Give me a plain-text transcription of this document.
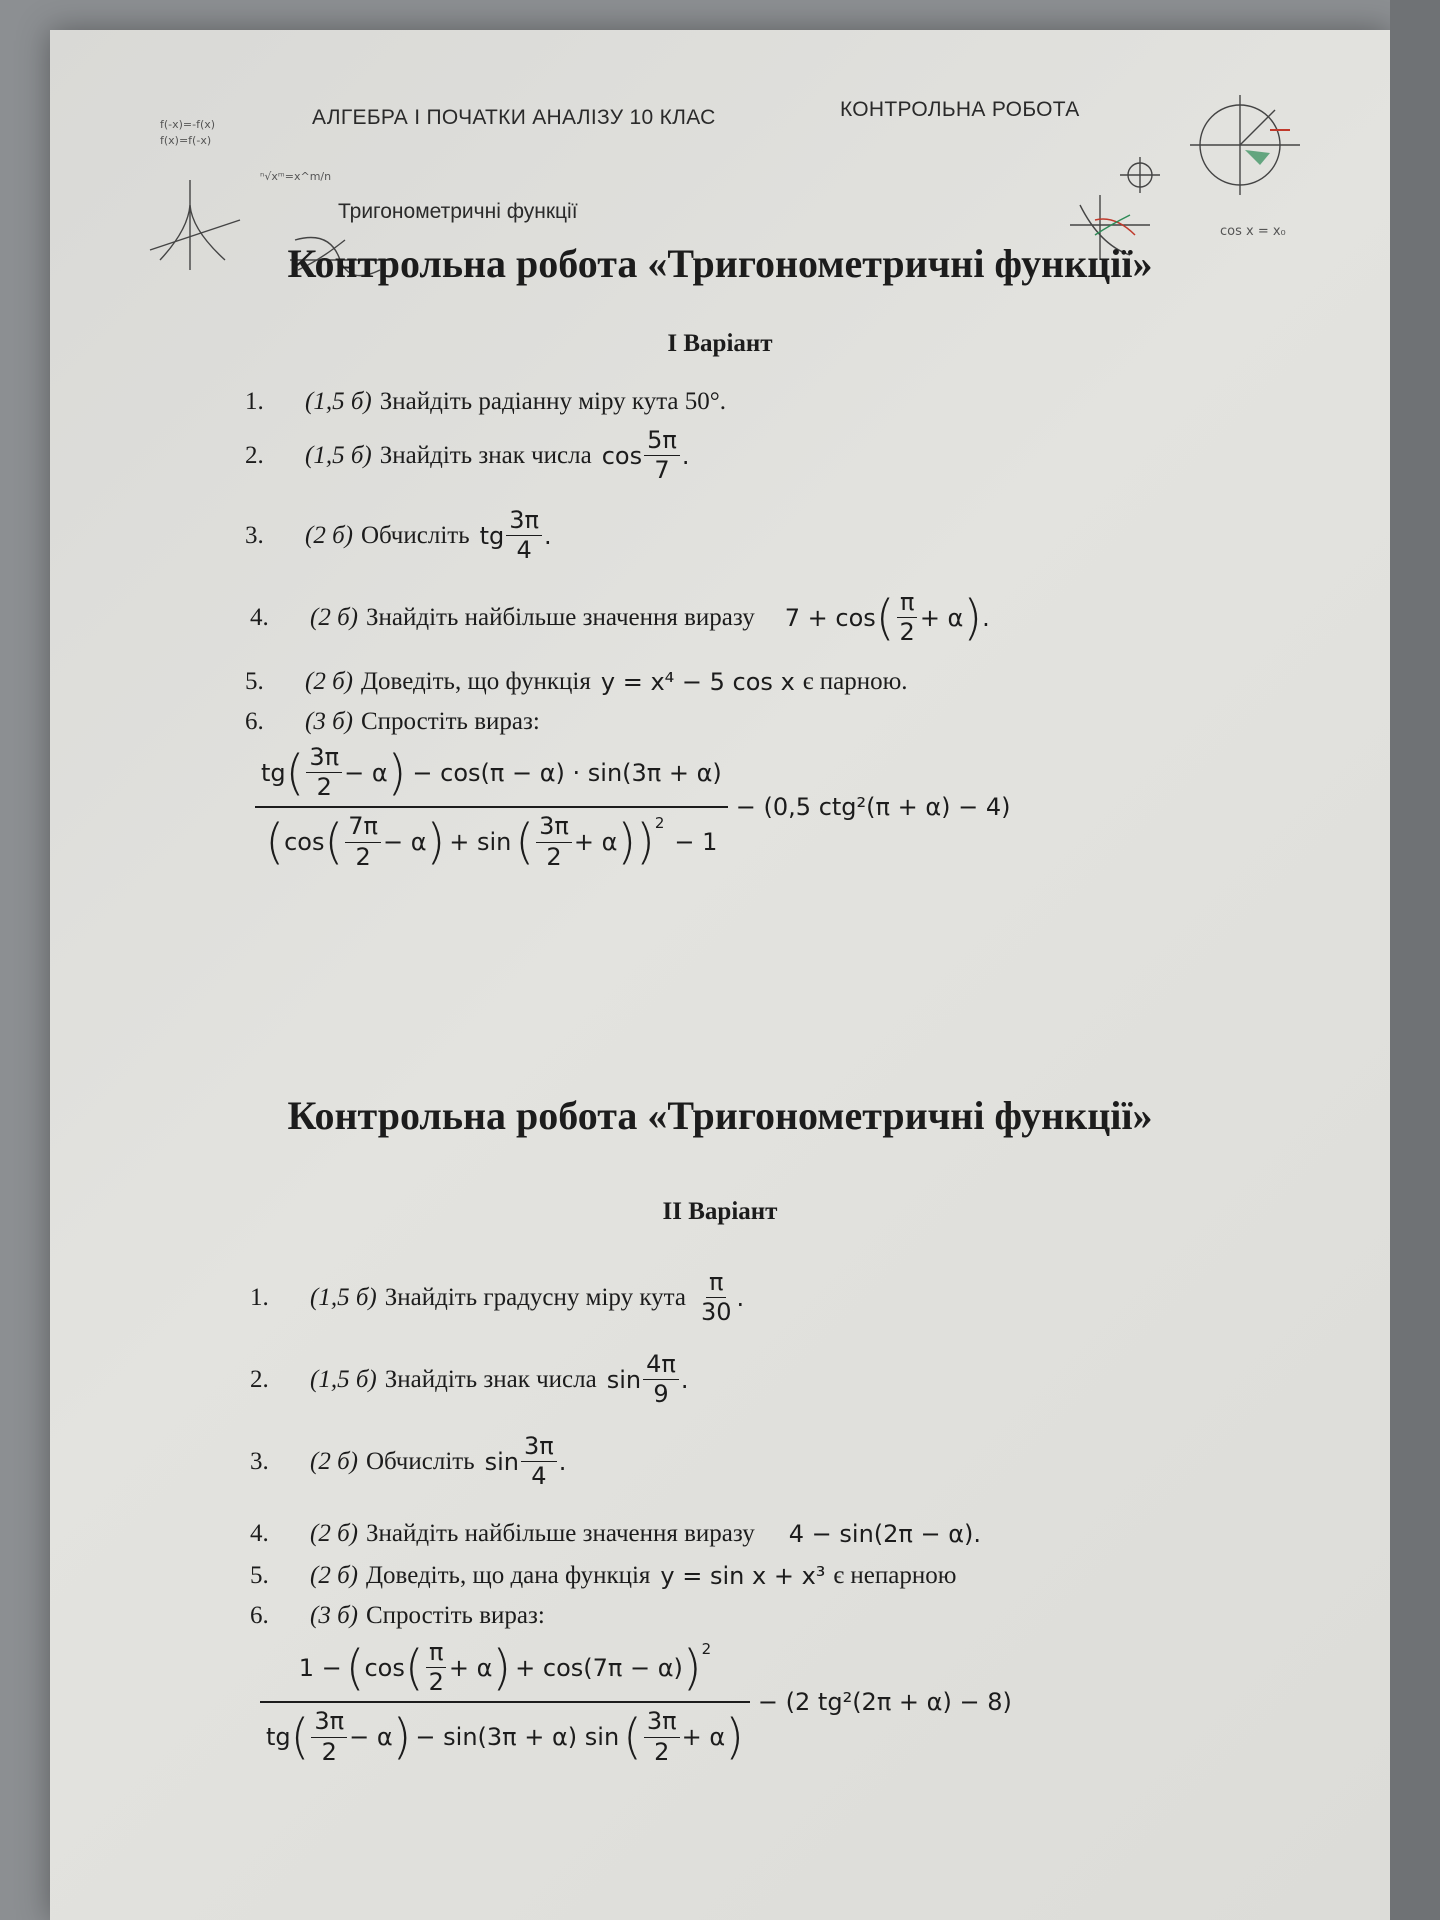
f(-x)=-f(x)
f(x)=f(-x)
ⁿ√xᵐ=x^m/n
cos x = x₀
АЛГЕБРА І ПОЧАТКИ АНАЛІЗУ 10 КЛАС	КОНТРОЛЬНА РОБОТА
Тригонометричні функції
Контрольна робота «Тригонометричні функції»
І Варіант
1.	(1,5 б) Знайдіть радіанну міру кута 50°.
2.	(1,5 б) Знайдіть знак числа $\cos \frac{5\pi}{7}$ .
3.	(2 б) Обчисліть tg $\frac{3\pi}{4}$ .
4.	(2 б) Знайдіть найбільше значення виразу 7 + cos ( $\frac{\pi}{2} + \alpha$ ) .
5.	(2 б) Доведіть, що функція y = x⁴ − 5 cos x є парною.
6.	(3 б) Спростіть вираз:
tg ( $\frac{3\pi}{2} - \alpha$ ) − cos(π − α) · sin(3π + α)
( cos ( $\frac{7\pi}{2} - \alpha$ ) + sin ( $\frac{3\pi}{2} + \alpha$ ))$^2$
− 1
− (0,5 ctg²(π + α) − 4)
Контрольна робота «Тригонометричні функції»
ІІ Варіант
1.	(1,5 б) Знайдіть градусну міру кута $\frac{\pi}{30}$ .
2.	(1,5 б) Знайдіть знак числа $\sin \frac{4\pi}{9}$ .
3.	(2 б) Обчисліть $\sin \frac{3\pi}{4}$ .
4.	(2 б) Знайдіть найбільше значення виразу 4 − sin(2π − α).
5.	(2 б) Доведіть, що дана функція y = sin x + x³ є непарною
6.	(3 б) Спростіть вираз:
1 − ( cos ( $\frac{\pi}{2} + \alpha$ ) + cos(7π − α) )$^2$
tg ( $\frac{3\pi}{2} - \alpha$ ) − sin(3π + α) sin ( $\frac{3\pi}{2} + \alpha$ )
− (2 tg²(2π + α) − 8)
